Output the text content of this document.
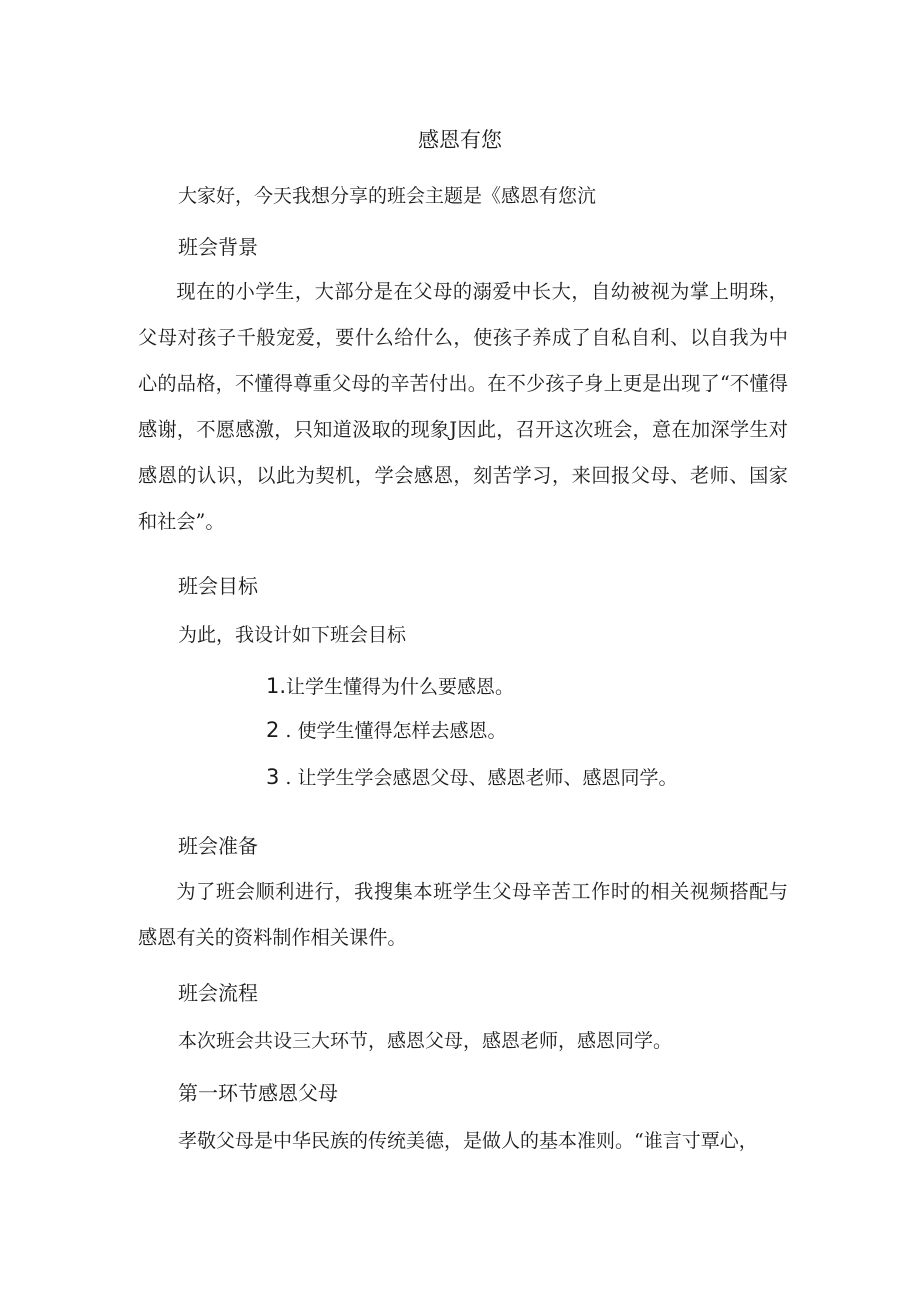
感恩有您
大家好，今天我想分享的班会主题是《感恩有您沆
班会背景

现在的小学生，大部分是在父母的溺爱中长大，自幼被视为掌上明珠，父母对孩子千般宠爱，要什么给什么，使孩子养成了自私自利、以自我为中心的品格，不懂得尊重父母的辛苦付出。在不少孩子身上更是出现了“不懂得感谢，不愿感激，只知道汲取的现象J因此，召开这次班会，意在加深学生对感恩的认识，以此为契机，学会感恩，刻苦学习，来回报父母、老师、国家和社会”。

班会目标
为此，我设计如下班会目标
1.让学生懂得为什么要感恩。
2 . 使学生懂得怎样去感恩。
3 . 让学生学会感恩父母、感恩老师、感恩同学。
班会准备

为了班会顺利进行，我搜集本班学生父母辛苦工作时的相关视频搭配与感恩有关的资料制作相关课件。

班会流程
本次班会共设三大环节，感恩父母，感恩老师，感恩同学。
第一环节感恩父母
孝敬父母是中华民族的传统美德，是做人的基本准则。“谁言寸覃心，
